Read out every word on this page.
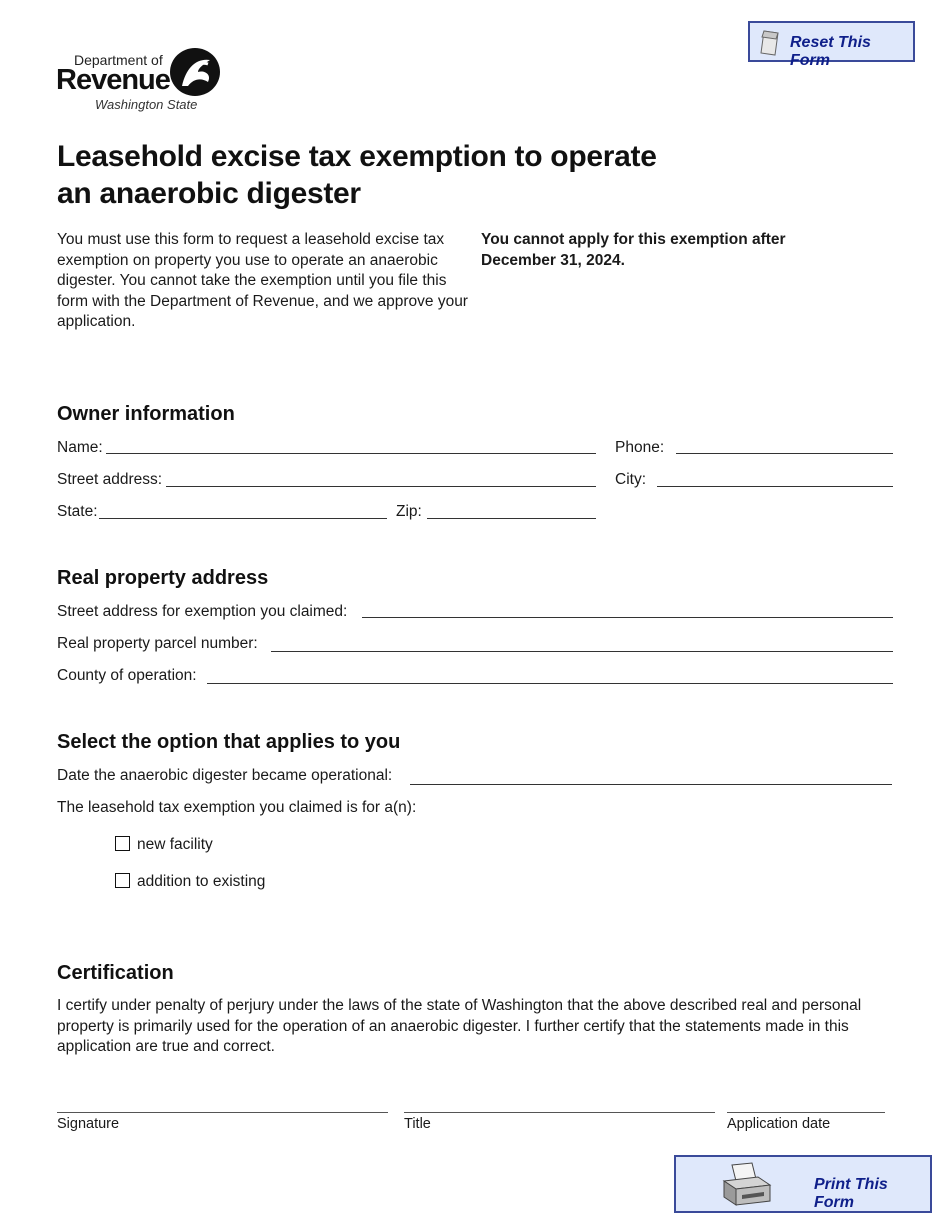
Department of
Revenue
Washington State
Reset This Form
Leasehold excise tax exemption to operate
an anaerobic digester
You must use this form to request a leasehold excise tax exemption on property you use to operate an anaerobic digester. You cannot take the exemption until you file this form with the Department of Revenue, and we approve your application.
You cannot apply for this exemption after December 31, 2024.
Owner information
Name:	Phone:
Street address:	City:
State:	Zip:
Real property address
Street address for exemption you claimed:
Real property parcel number:
County of operation:
Select the option that applies to you
Date the anaerobic digester became operational:
The leasehold tax exemption you claimed is for a(n):
new facility
addition to existing
Certification
I certify under penalty of perjury under the laws of the state of Washington that the above described real and personal property is primarily used for the operation of an anaerobic digester. I further certify that the statements made in this application are true and correct.
Signature	Title	Application date
Print This Form
